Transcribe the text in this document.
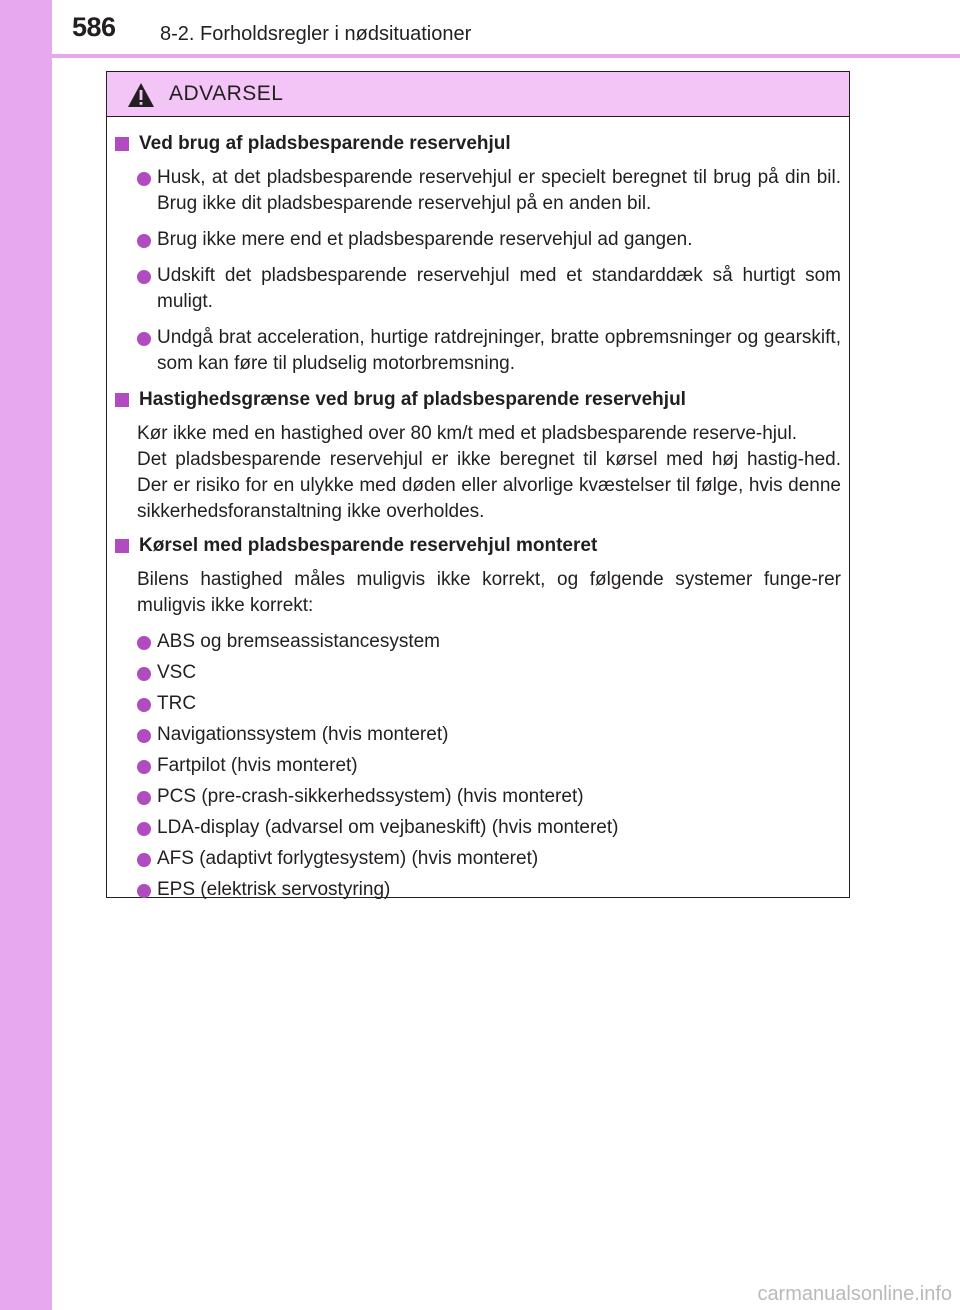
586 8-2. Forholdsregler i nødsituationer
ADVARSEL
Ved brug af pladsbesparende reservehjul
Husk, at det pladsbesparende reservehjul er specielt beregnet til brug på din bil. Brug ikke dit pladsbesparende reservehjul på en anden bil.
Brug ikke mere end et pladsbesparende reservehjul ad gangen.
Udskift det pladsbesparende reservehjul med et standarddæk så hurtigt som muligt.
Undgå brat acceleration, hurtige ratdrejninger, bratte opbremsninger og gearskift, som kan føre til pludselig motorbremsning.
Hastighedsgrænse ved brug af pladsbesparende reservehjul
Kør ikke med en hastighed over 80 km/t med et pladsbesparende reserve-hjul.
Det pladsbesparende reservehjul er ikke beregnet til kørsel med høj hastig-hed. Der er risiko for en ulykke med døden eller alvorlige kvæstelser til følge, hvis denne sikkerhedsforanstaltning ikke overholdes.
Kørsel med pladsbesparende reservehjul monteret
Bilens hastighed måles muligvis ikke korrekt, og følgende systemer funge-rer muligvis ikke korrekt:
ABS og bremseassistancesystem
VSC
TRC
Navigationssystem (hvis monteret)
Fartpilot (hvis monteret)
PCS (pre-crash-sikkerhedssystem) (hvis monteret)
LDA-display (advarsel om vejbaneskift) (hvis monteret)
AFS (adaptivt forlygtesystem) (hvis monteret)
EPS (elektrisk servostyring)
carmanualsonline.info
